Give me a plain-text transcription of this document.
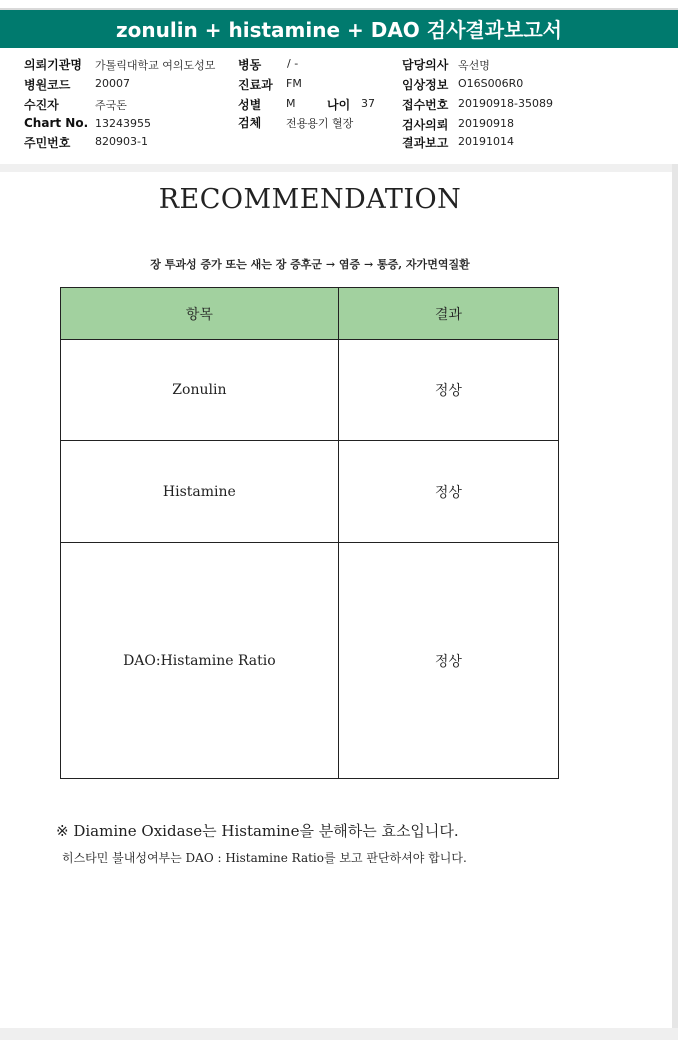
zonulin + histamine + DAO 검사결과보고서
의뢰기관명 가톨릭대학교 여의도성모 병동 / -	담당의사 옥선명
병원코드 20007	진료과 FM	임상정보 O16S006R0
수진자	주국돈	성별 M	나이 37 접수번호 20190918-35089
Chart No. 13243955	검체 전용용기 혈장	검사의뢰 20190918
주민번호 820903-1	결과보고 20191014
RECOMMENDATION
장 투과성 증가 또는 새는 장 증후군 → 염증 → 통증, 자가면역질환
항목	결과
Zonulin	정상
Histamine	정상
DAO:Histamine Ratio	정상
※ Diamine Oxidase는 Histamine을 분해하는 효소입니다.
히스타민 불내성여부는 DAO : Histamine Ratio를 보고 판단하셔야 합니다.
